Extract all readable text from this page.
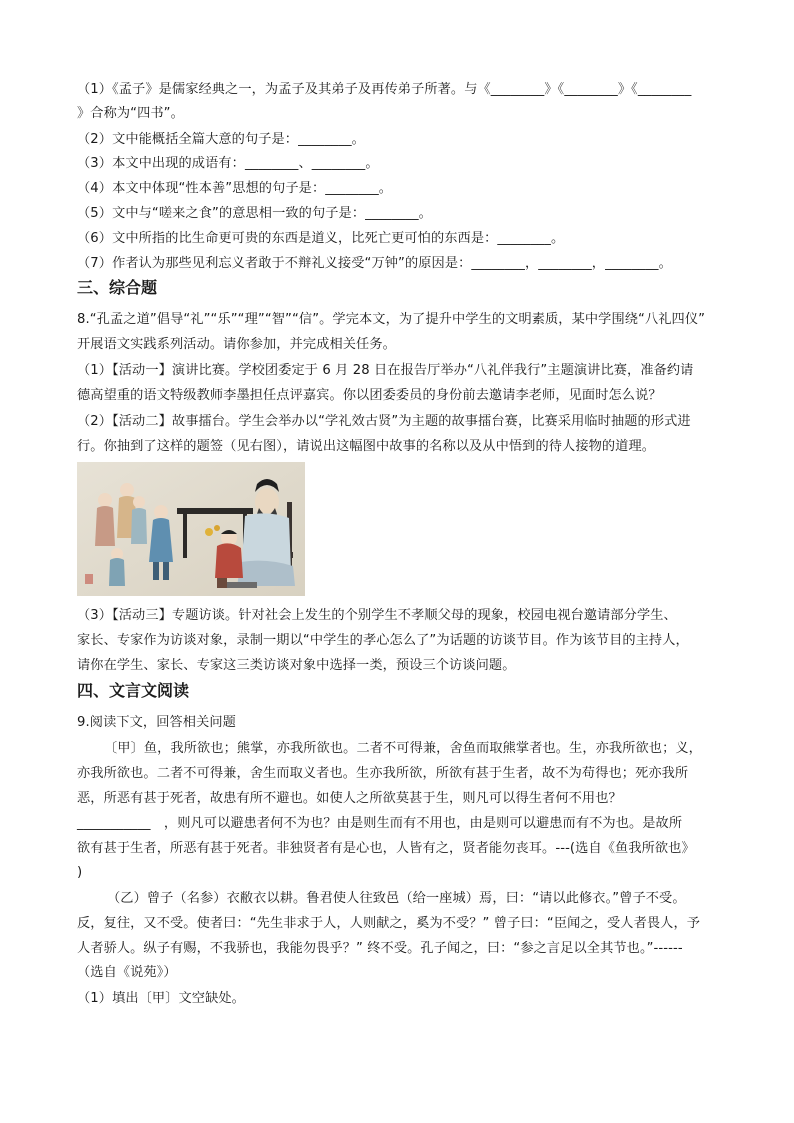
（1）《孟子》是儒家经典之一，为孟子及其弟子及再传弟子所著。与《________》《________》《________
》合称为“四书”。
（2）文中能概括全篇大意的句子是：________。
（3）本文中出现的成语有：________、________。
（4）本文中体现“性本善”思想的句子是：________。
（5）文中与“嗟来之食”的意思相一致的句子是：________。
（6）文中所指的比生命更可贵的东西是道义，比死亡更可怕的东西是：________。
（7）作者认为那些见利忘义者敢于不辩礼义接受“万钟”的原因是：________，________，________。
三、综合题
8.“孔孟之道”倡导“礼”“乐”“理”“智”“信”。学完本文，为了提升中学生的文明素质，某中学围绕“八礼四仪”
开展语文实践系列活动。请你参加，并完成相关任务。
（1）【活动一】演讲比赛。学校团委定于 6 月 28 日在报告厅举办“八礼伴我行”主题演讲比赛，准备约请
德高望重的语文特级教师李墨担任点评嘉宾。你以团委委员的身份前去邀请李老师，见面时怎么说？
（2）【活动二】故事擂台。学生会举办以“学礼效古贤”为主题的故事擂台赛，比赛采用临时抽题的形式进
行。你抽到了这样的题签（见右图），请说出这幅图中故事的名称以及从中悟到的待人接物的道理。
（3）【活动三】专题访谈。针对社会上发生的个别学生不孝顺父母的现象，校园电视台邀请部分学生、
家长、专家作为访谈对象，录制一期以“中学生的孝心怎么了”为话题的访谈节目。作为该节目的主持人，
请你在学生、家长、专家这三类访谈对象中选择一类，预设三个访谈问题。
四、文言文阅读
9.阅读下文，回答相关问题
〔甲〕鱼，我所欲也；熊掌，亦我所欲也。二者不可得兼，舍鱼而取熊掌者也。生，亦我所欲也；义，
亦我所欲也。二者不可得兼，舍生而取义者也。生亦我所欲，所欲有甚于生者，故不为苟得也；死亦我所
恶，所恶有甚于死者，故患有所不避也。如使人之所欲莫甚于生，则凡可以得生者何不用也？
___________　，则凡可以避患者何不为也？由是则生而有不用也，由是则可以避患而有不为也。是故所
欲有甚于生者，所恶有甚于死者。非独贤者有是心也，人皆有之，贤者能勿丧耳。---(选自《鱼我所欲也》
)
（乙）曾子（名参）衣敝衣以耕。鲁君使人往致邑（给一座城）焉，曰：“请以此修衣。”曾子不受。
反，复往，又不受。使者曰：“先生非求于人，人则献之，奚为不受？” 曾子曰：“臣闻之，受人者畏人，予
人者骄人。纵子有赐，不我骄也，我能勿畏乎？” 终不受。孔子闻之，曰：“参之言足以全其节也。”------
（选自《说苑》）
（1）填出〔甲〕文空缺处。
